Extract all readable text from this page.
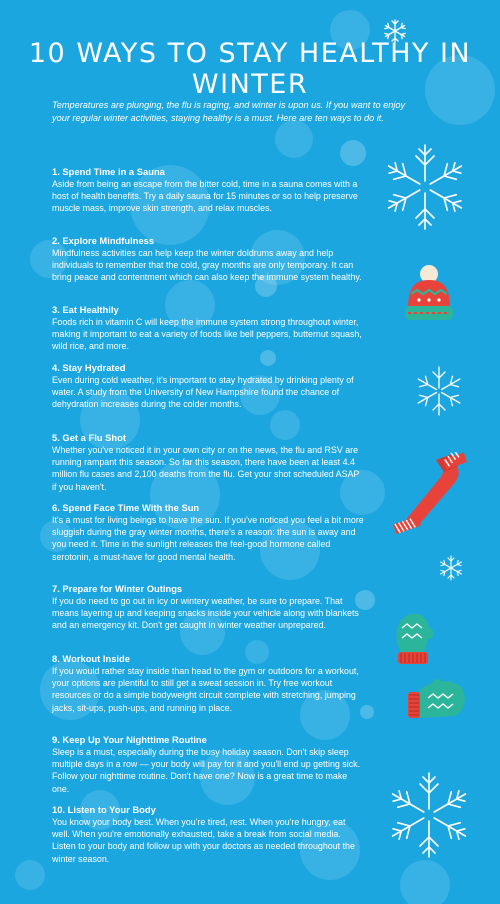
10 WAYS TO STAY HEALTHY IN WINTER

Temperatures are plunging, the flu is raging, and winter is upon us. If you want to enjoy your regular winter activities, staying healthy is a must. Here are ten ways to do it.

1. Spend Time in a Sauna
Aside from being an escape from the bitter cold, time in a sauna comes with a host of health benefits. Try a daily sauna for 15 minutes or so to help preserve muscle mass, improve skin strength, and relax muscles.
2. Explore Mindfulness
Mindfulness activities can help keep the winter doldrums away and help individuals to remember that the cold, gray months are only temporary. It can bring peace and contentment which can also keep the immune system healthy.
3. Eat Healthily
Foods rich in vitamin C will keep the immune system strong throughout winter, making it important to eat a variety of foods like bell peppers, butternut squash, wild rice, and more.
4. Stay Hydrated
Even during cold weather, it's important to stay hydrated by drinking plenty of water. A study from the University of New Hampshire found the chance of dehydration increases during the colder months.
5. Get a Flu Shot
Whether you've noticed it in your own city or on the news, the flu and RSV are running rampant this season. So far this season, there have been at least 4.4 million flu cases and 2,100 deaths from the flu. Get your shot scheduled ASAP if you haven't.
6. Spend Face Time With the Sun
It's a must for living beings to have the sun. If you've noticed you feel a bit more sluggish during the gray winter months, there's a reason: the sun is away and you need it. Time in the sunlight releases the feel-good hormone called serotonin, a must-have for good mental health.
7. Prepare for Winter Outings
If you do need to go out in icy or wintery weather, be sure to prepare. That means layering up and keeping snacks inside your vehicle along with blankets and an emergency kit. Don't get caught in winter weather unprepared.
8. Workout Inside
If you would rather stay inside than head to the gym or outdoors for a workout, your options are plentiful to still get a sweat session in. Try free workout resources or do a simple bodyweight circuit complete with stretching, jumping jacks, sit-ups, push-ups, and running in place.
9. Keep Up Your Nighttime Routine
Sleep is a must, especially during the busy holiday season. Don't skip sleep multiple days in a row — your body will pay for it and you'll end up getting sick. Follow your nighttime routine. Don't have one? Now is a great time to make one.
10. Listen to Your Body
You know your body best. When you're tired, rest. When you're hungry, eat well. When you're emotionally exhausted, take a break from social media. Listen to your body and follow up with your doctors as needed throughout the winter season.
